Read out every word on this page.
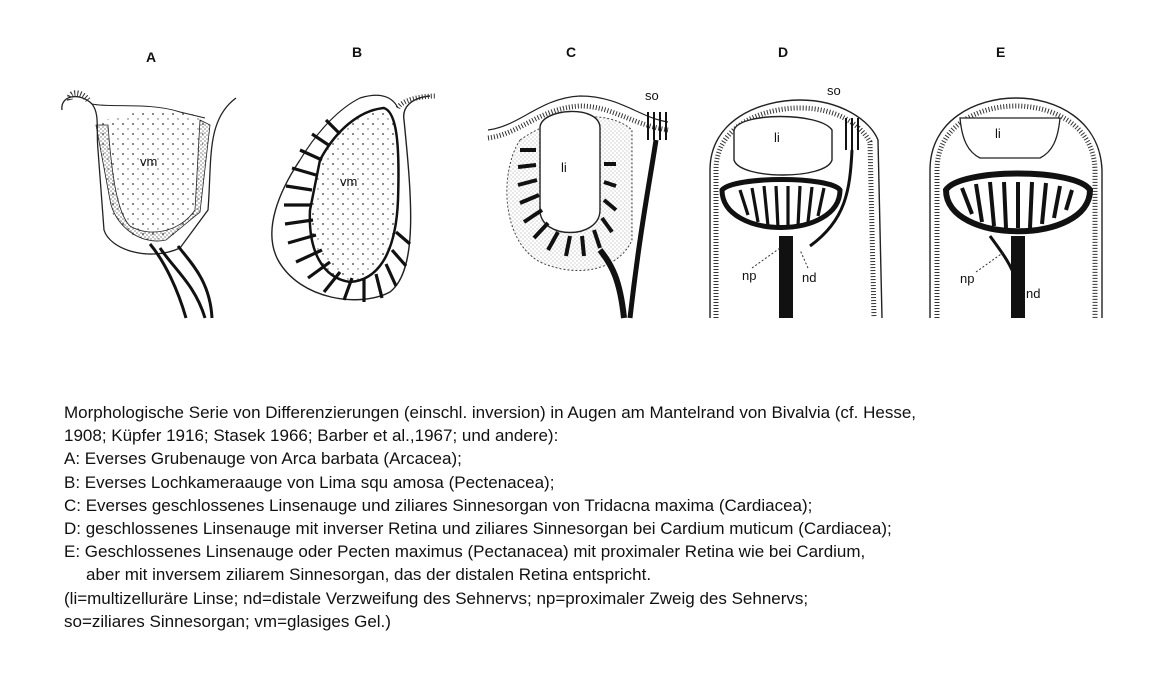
A
vm
B
vm
C
so
li
D
so
li
np	nd
E
li
np
nd
Morphologische Serie von Differenzierungen (einschl. inversion) in Augen am Mantelrand von Bivalvia (cf. Hesse,
1908; Küpfer 1916; Stasek 1966; Barber et al.,1967; und andere):
A: Everses Grubenauge von Arca barbata (Arcacea);
B: Everses Lochkameraauge von Lima squ amosa (Pectenacea);
C: Everses geschlossenes Linsenauge und ziliares Sinnesorgan von Tridacna maxima (Cardiacea);
D: geschlossenes Linsenauge mit inverser Retina und ziliares Sinnesorgan bei Cardium muticum (Cardiacea);
E: Geschlossenes Linsenauge oder Pecten maximus (Pectanacea) mit proximaler Retina wie bei Cardium,
aber mit inversem ziliarem Sinnesorgan, das der distalen Retina entspricht.
(li=multizelluräre Linse; nd=distale Verzweifung des Sehnervs; np=proximaler Zweig des Sehnervs;
so=ziliares Sinnesorgan; vm=glasiges Gel.)
